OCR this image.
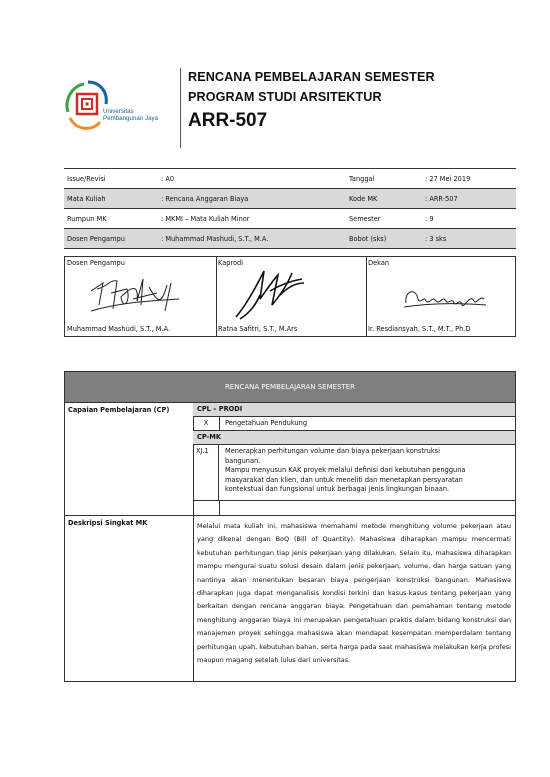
Universitas
Pembangunan Jaya
RENCANA PEMBELAJARAN SEMESTER
PROGRAM STUDI ARSITEKTUR
ARR-507
Issue/Revisi	: A0	Tanggal	: 27 Mei 2019
Mata Kuliah	: Rencana Anggaran Biaya	Kode MK	: ARR-507
Rumpun MK	: MKMI – Mata Kuliah Minor	Semester	: 9
Dosen Pengampu	: Muhammad Mashudi, S.T., M.A.	Bobot (sks)	: 3 sks
Dosen Pengampu
Muhammad Mashudi, S.T., M.A.
Kaprodi
Ratna Safitri, S.T., M.Ars
Dekan
Ir. Resdiansyah, S.T., M.T., Ph.D
RENCANA PEMBELAJARAN SEMESTER
Capaian Pembelajaran (CP)	CPL – PRODI
X	Pengetahuan Pendukung
CP-MK
XJ.1	Menerapkan perhitungan volume dan biaya pekerjaan konstruksi
bangunan.
Mampu menyusun KAK proyek melalui definisi dari kebutuhan pengguna
masyarakat dan klien, dan untuk meneliti dan menetapkan persyaratan
kontekstual dan fungsional untuk berbagai jenis lingkungan binaan.
Deskripsi Singkat MK	Melalui mata kuliah ini, mahasiswa memahami metode menghitung volume pekerjaan atau yang dikenal dengan BoQ (Bill of Quantity). Mahasiswa diharapkan mampu mencermati kebutuhan perhitungan tiap jenis pekerjaan yang dilakukan. Selain itu, mahasiswa diharapkan mampu mengurai suatu solusi desain dalam jenis pekerjaan, volume, dan harga satuan yang nantinya akan menentukan besaran biaya pengerjaan konstruksi bangunan. Mahasiswa diharapkan juga dapat menganalisis kondisi terkini dan kasus-kasus tentang pekerjaan yang berkaitan dengan rencana anggaran biaya. Pengetahuan dan pemahaman tentang metode menghitung anggaran biaya ini merupakan pengetahuan praktis dalam bidang konstruksi dan manajemen proyek sehingga mahasiswa akan mendapat kesempatan memperdalam tentang perhitungan upah, kebutuhan bahan, serta harga pada saat mahasiswa melakukan kerja profesi maupun magang setelah lulus dari universitas.
